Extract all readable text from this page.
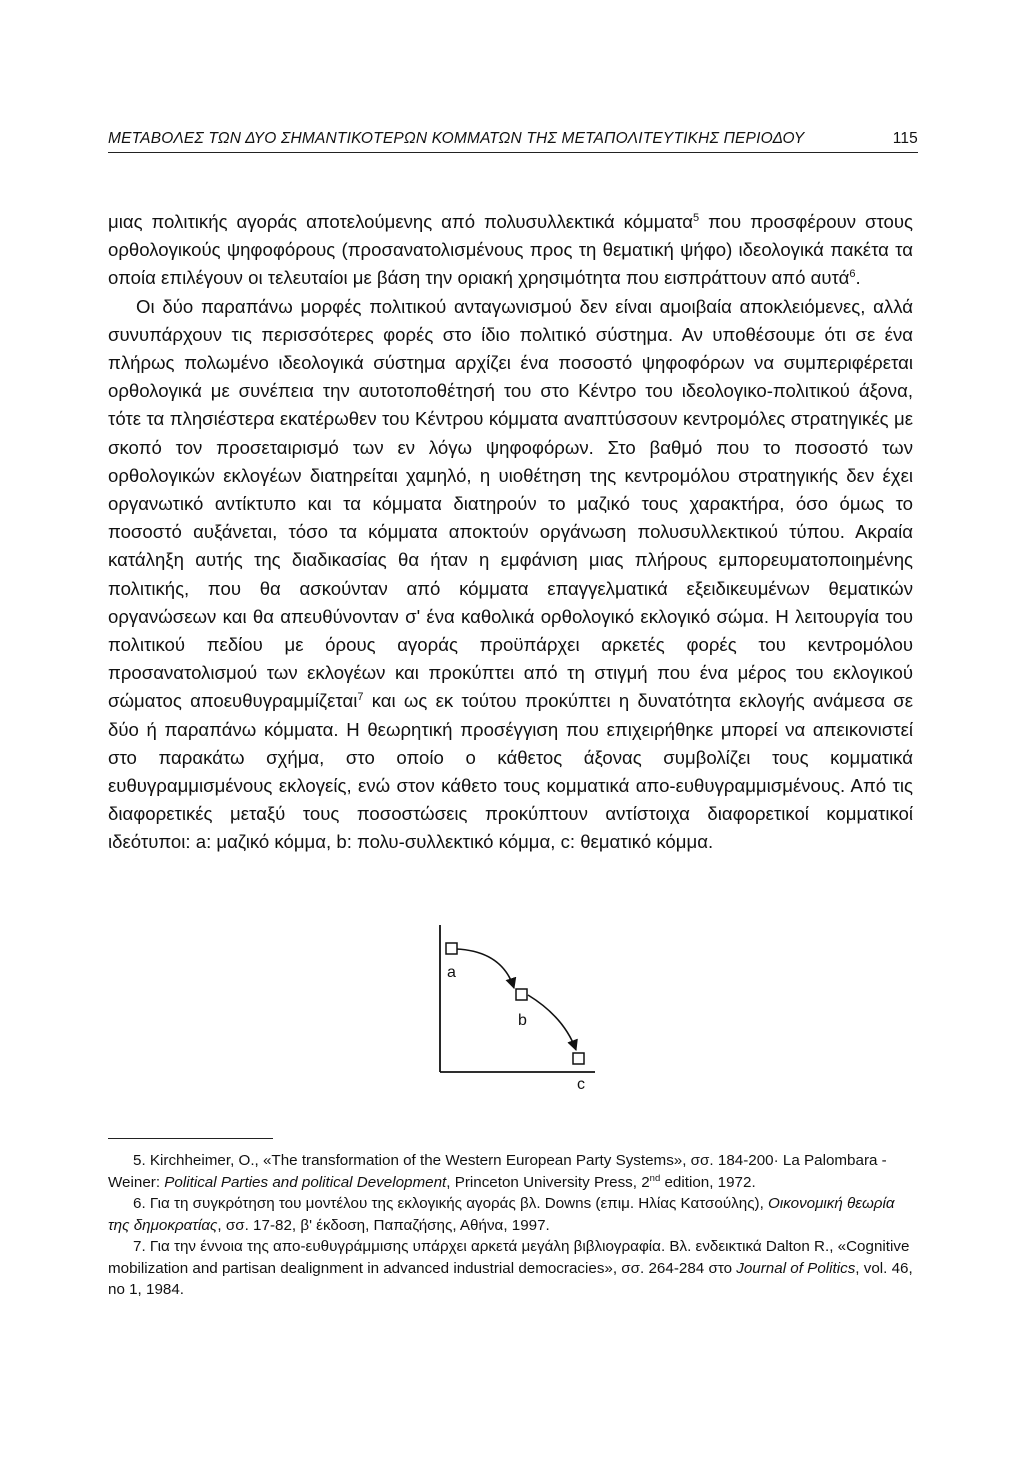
ΜΕΤΑΒΟΛΕΣ ΤΩΝ ΔΥΟ ΣΗΜΑΝΤΙΚΟΤΕΡΩΝ ΚΟΜΜΑΤΩΝ ΤΗΣ ΜΕΤΑΠΟΛΙΤΕΥΤΙΚΗΣ ΠΕΡΙΟΔΟΥ	115

μιας πολιτικής αγοράς αποτελούμενης από πολυσυλλεκτικά κόμματα$^5$ που προσφέρουν στους ορθολογικούς ψηφοφόρους (προσανατολισμένους προς τη θεματική ψήφο) ιδεολογικά πακέτα τα οποία επιλέγουν οι τελευταίοι με βάση την οριακή χρησιμότητα που εισπράττουν από αυτά$^6$.

Οι δύο παραπάνω μορφές πολιτικού ανταγωνισμού δεν είναι αμοιβαία αποκλειόμενες, αλλά συνυπάρχουν τις περισσότερες φορές στο ίδιο πολιτικό σύστημα. Αν υποθέσουμε ότι σε ένα πλήρως πολωμένο ιδεολογικά σύστημα αρχίζει ένα ποσοστό ψηφοφόρων να συμπεριφέρεται ορθολογικά με συνέπεια την αυτοτοποθέτησή του στο Κέντρο του ιδεολογικο-πολιτικού άξονα, τότε τα πλησιέστερα εκατέρωθεν του Κέντρου κόμματα αναπτύσσουν κεντρομόλες στρατηγικές με σκοπό τον προσεταιρισμό των εν λόγω ψηφοφόρων. Στο βαθμό που το ποσοστό των ορθολογικών εκλογέων διατηρείται χαμηλό, η υιοθέτηση της κεντρομόλου στρατηγικής δεν έχει οργανωτικό αντίκτυπο και τα κόμματα διατηρούν το μαζικό τους χαρακτήρα, όσο όμως το ποσοστό αυξάνεται, τόσο τα κόμματα αποκτούν οργάνωση πολυσυλλεκτικού τύπου. Ακραία κατάληξη αυτής της διαδικασίας θα ήταν η εμφάνιση μιας πλήρους εμπορευματοποιημένης πολιτικής, που θα ασκούνταν από κόμματα επαγγελματικά εξειδικευμένων θεματικών οργανώσεων και θα απευθύνονταν σ' ένα καθολικά ορθολογικό εκλογικό σώμα. Η λειτουργία του πολιτικού πεδίου με όρους αγοράς προϋπάρχει αρκετές φορές του κεντρομόλου προσανατολισμού των εκλογέων και προκύπτει από τη στιγμή που ένα μέρος του εκλογικού σώματος αποευθυγραμμίζεται$^7$ και ως εκ τούτου προκύπτει η δυνατότητα εκλογής ανάμεσα σε δύο ή παραπάνω κόμματα. Η θεωρητική προσέγγιση που επιχειρήθηκε μπορεί να απεικονιστεί στο παρακάτω σχήμα, στο οποίο ο κάθετος άξονας συμβολίζει τους κομματικά ευθυγραμμισμένους εκλογείς, ενώ στον κάθετο τους κομματικά απο-ευθυγραμμισμένους. Από τις διαφορετικές μεταξύ τους ποσοστώσεις προκύπτουν αντίστοιχα διαφορετικοί κομματικοί ιδεότυποι: a: μαζικό κόμμα, b: πολυ-συλλεκτικό κόμμα, c: θεματικό κόμμα.

a
b
c

5. Kirchheimer, O., «The transformation of the Western European Party Systems», σσ. 184-200· La Palombara - Weiner: Political Parties and political Development, Princeton University Press, 2nd edition, 1972.

6. Για τη συγκρότηση του μοντέλου της εκλογικής αγοράς βλ. Downs (επιμ. Ηλίας Κατσούλης), Οικονομική θεωρία της δημοκρατίας, σσ. 17-82, β' έκδοση, Παπαζήσης, Αθήνα, 1997.

7. Για την έννοια της απο-ευθυγράμμισης υπάρχει αρκετά μεγάλη βιβλιογραφία. Βλ. ενδεικτικά Dalton R., «Cognitive mobilization and partisan dealignment in advanced industrial democracies», σσ. 264-284 στο Journal of Politics, vol. 46, no 1, 1984.
